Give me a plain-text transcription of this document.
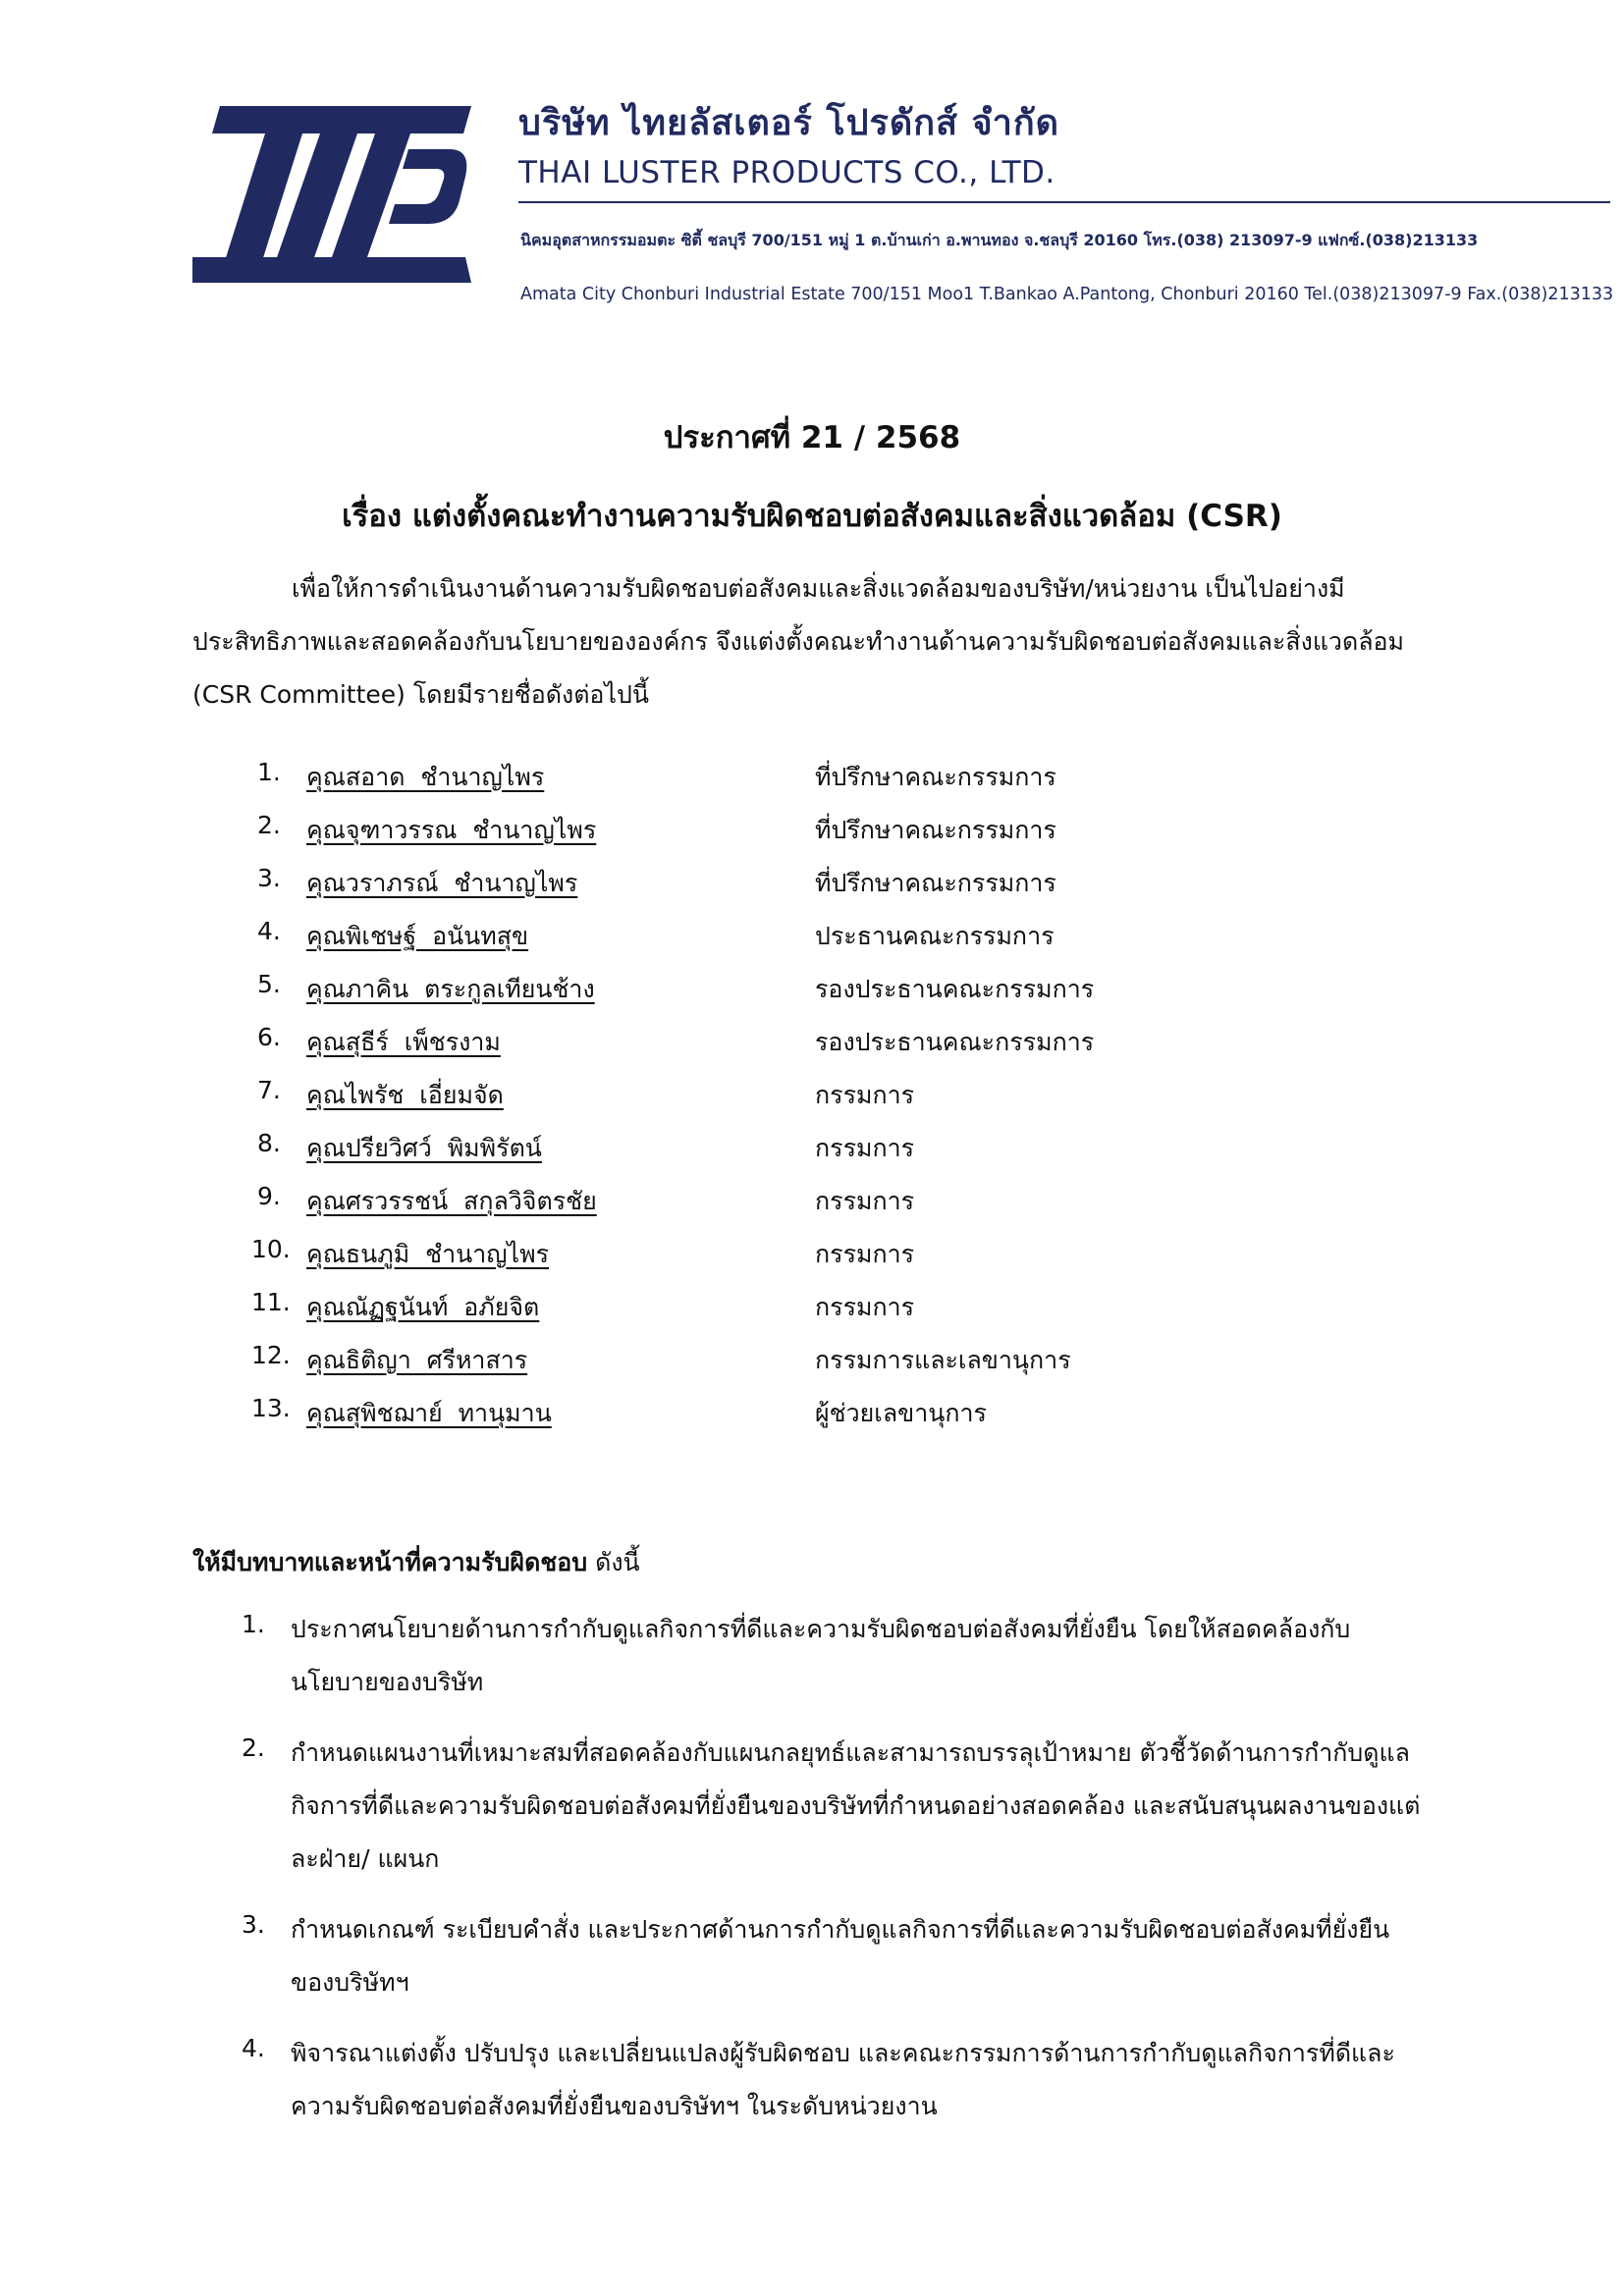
บริษัท ไทยลัสเตอร์ โปรดักส์ จำกัด
THAI LUSTER PRODUCTS CO., LTD.
นิคมอุตสาหกรรมอมตะ ซิตี้ ชลบุรี 700/151 หมู่ 1 ต.บ้านเก่า อ.พานทอง จ.ชลบุรี 20160 โทร.(038) 213097-9 แฟกซ์.(038)213133
Amata City Chonburi Industrial Estate 700/151 Moo1 T.Bankao A.Pantong, Chonburi 20160 Tel.(038)213097-9 Fax.(038)213133
ประกาศที่ 21 / 2568
เรื่อง แต่งตั้งคณะทำงานความรับผิดชอบต่อสังคมและสิ่งแวดล้อม (CSR)
เพื่อให้การดำเนินงานด้านความรับผิดชอบต่อสังคมและสิ่งแวดล้อมของบริษัท/หน่วยงาน เป็นไปอย่างมี
ประสิทธิภาพและสอดคล้องกับนโยบายขององค์กร จึงแต่งตั้งคณะทำงานด้านความรับผิดชอบต่อสังคมและสิ่งแวดล้อม
(CSR Committee) โดยมีรายชื่อดังต่อไปนี้
1. คุณสอาด  ชำนาญไพร	ที่ปรึกษาคณะกรรมการ
2. คุณจุฑาวรรณ  ชำนาญไพร	ที่ปรึกษาคณะกรรมการ
3. คุณวราภรณ์  ชำนาญไพร	ที่ปรึกษาคณะกรรมการ
4. คุณพิเชษฐ์  อนันทสุข	ประธานคณะกรรมการ
5. คุณภาคิน  ตระกูลเทียนช้าง	รองประธานคณะกรรมการ
6. คุณสุธีร์  เพ็ชรงาม	รองประธานคณะกรรมการ
7. คุณไพรัช  เอี่ยมจัด	กรรมการ
8. คุณปรียวิศว์  พิมพิรัตน์	กรรมการ
9. คุณศรวรรชน์  สกุลวิจิตรชัย	กรรมการ
10. คุณธนภูมิ  ชำนาญไพร	กรรมการ
11. คุณณัฏฐนันท์  อภัยจิต	กรรมการ
12. คุณธิติญา  ศรีหาสาร	กรรมการและเลขานุการ
13. คุณสุพิชฌาย์  ทานุมาน	ผู้ช่วยเลขานุการ
ให้มีบทบาทและหน้าที่ความรับผิดชอบ ดังนี้
1. ประกาศนโยบายด้านการกำกับดูแลกิจการที่ดีและความรับผิดชอบต่อสังคมที่ยั่งยืน โดยให้สอดคล้องกับ
นโยบายของบริษัท
2. กำหนดแผนงานที่เหมาะสมที่สอดคล้องกับแผนกลยุทธ์และสามารถบรรลุเป้าหมาย ตัวชี้วัดด้านการกำกับดูแล
กิจการที่ดีและความรับผิดชอบต่อสังคมที่ยั่งยืนของบริษัทที่กำหนดอย่างสอดคล้อง และสนับสนุนผลงานของแต่
ละฝ่าย/ แผนก
3. กำหนดเกณฑ์ ระเบียบคำสั่ง และประกาศด้านการกำกับดูแลกิจการที่ดีและความรับผิดชอบต่อสังคมที่ยั่งยืน
ของบริษัทฯ
4. พิจารณาแต่งตั้ง ปรับปรุง และเปลี่ยนแปลงผู้รับผิดชอบ และคณะกรรมการด้านการกำกับดูแลกิจการที่ดีและ
ความรับผิดชอบต่อสังคมที่ยั่งยืนของบริษัทฯ ในระดับหน่วยงาน
